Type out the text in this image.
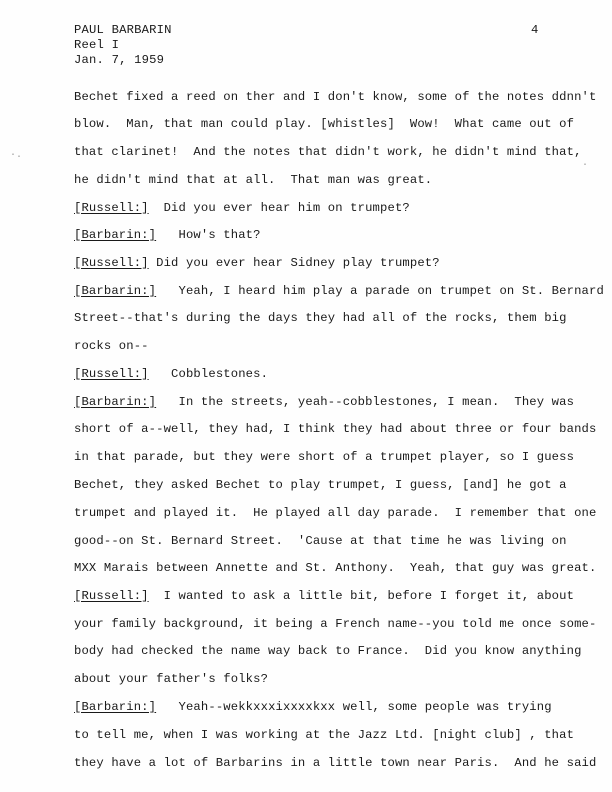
PAUL BARBARIN
Reel I
Jan. 7, 1959
4
·.
·
Bechet fixed a reed on ther and I don't know, some of the notes ddnn't
blow.  Man, that man could play. [whistles]  Wow!  What came out of
that clarinet!  And the notes that didn't work, he didn't mind that,
he didn't mind that at all.  That man was great.
[Russell:]  Did you ever hear him on trumpet?
[Barbarin:]   How's that?
[Russell:] Did you ever hear Sidney play trumpet?
[Barbarin:]   Yeah, I heard him play a parade on trumpet on St. Bernard
Street--that's during the days they had all of the rocks, them big
rocks on--
[Russell:]   Cobblestones.
[Barbarin:]   In the streets, yeah--cobblestones, I mean.  They was
short of a--well, they had, I think they had about three or four bands
in that parade, but they were short of a trumpet player, so I guess
Bechet, they asked Bechet to play trumpet, I guess, [and] he got a
trumpet and played it.  He played all day parade.  I remember that one
good--on St. Bernard Street.  'Cause at that time he was living on
MXX Marais between Annette and St. Anthony.  Yeah, that guy was great.
[Russell:]  I wanted to ask a little bit, before I forget it, about
your family background, it being a French name--you told me once some-
body had checked the name way back to France.  Did you know anything
about your father's folks?
[Barbarin:]   Yeah--wekkxxxixxxxkxx well, some people was trying
to tell me, when I was working at the Jazz Ltd. [night club] , that
they have a lot of Barbarins in a little town near Paris.  And he said
